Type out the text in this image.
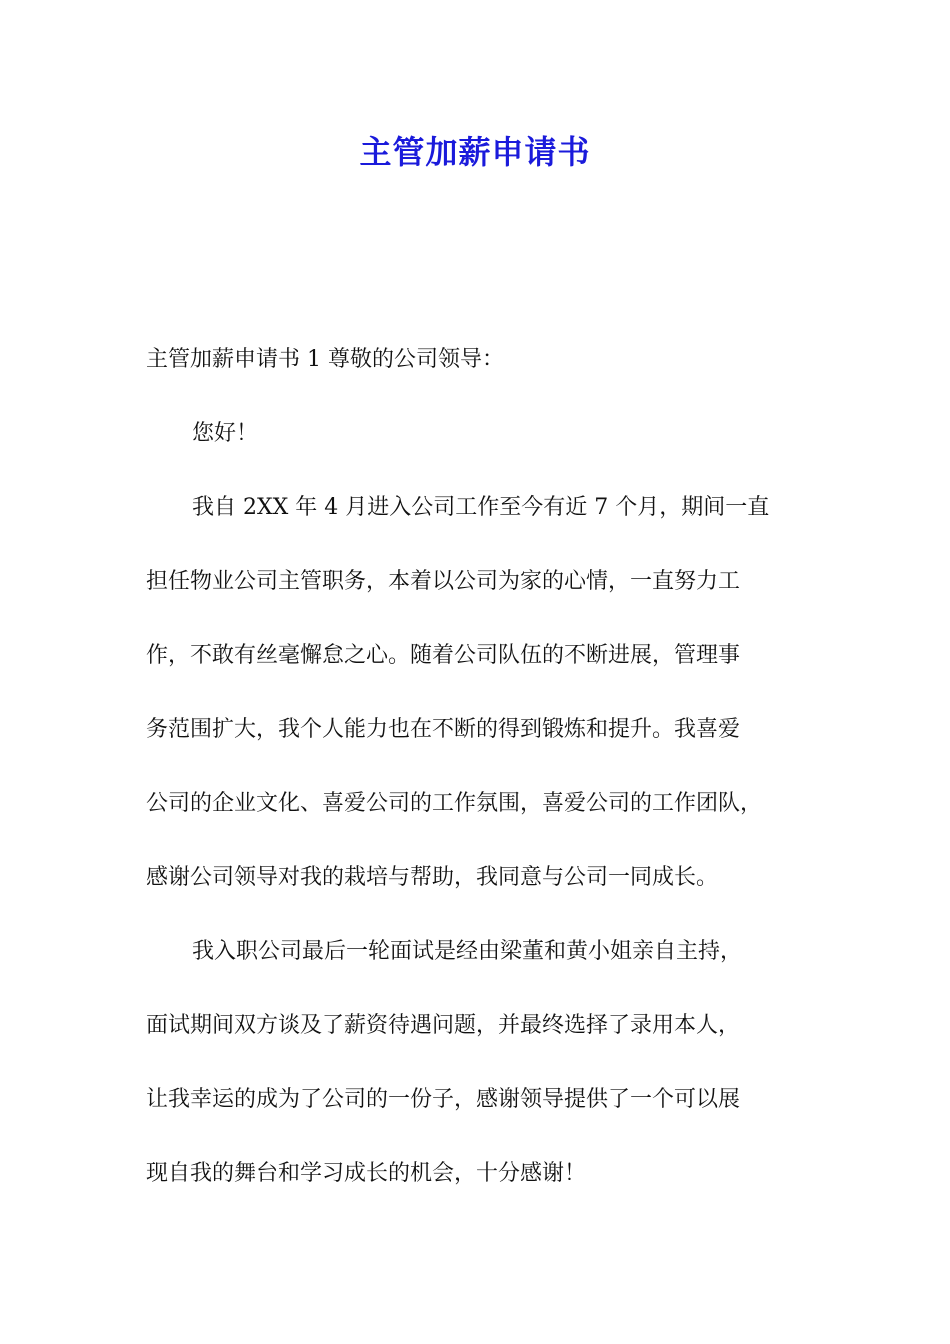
主管加薪申请书

主管加薪申请书 1 尊敬的公司领导：

您好！

我自 2XX 年 4 月进入公司工作至今有近 7 个月，期间一直

担任物业公司主管职务，本着以公司为家的心情，一直努力工

作，不敢有丝毫懈怠之心。随着公司队伍的不断进展，管理事

务范围扩大，我个人能力也在不断的得到锻炼和提升。我喜爱

公司的企业文化、喜爱公司的工作氛围，喜爱公司的工作团队，

感谢公司领导对我的栽培与帮助，我同意与公司一同成长。

我入职公司最后一轮面试是经由梁董和黄小姐亲自主持，

面试期间双方谈及了薪资待遇问题，并最终选择了录用本人，

让我幸运的成为了公司的一份子，感谢领导提供了一个可以展

现自我的舞台和学习成长的机会，十分感谢！
